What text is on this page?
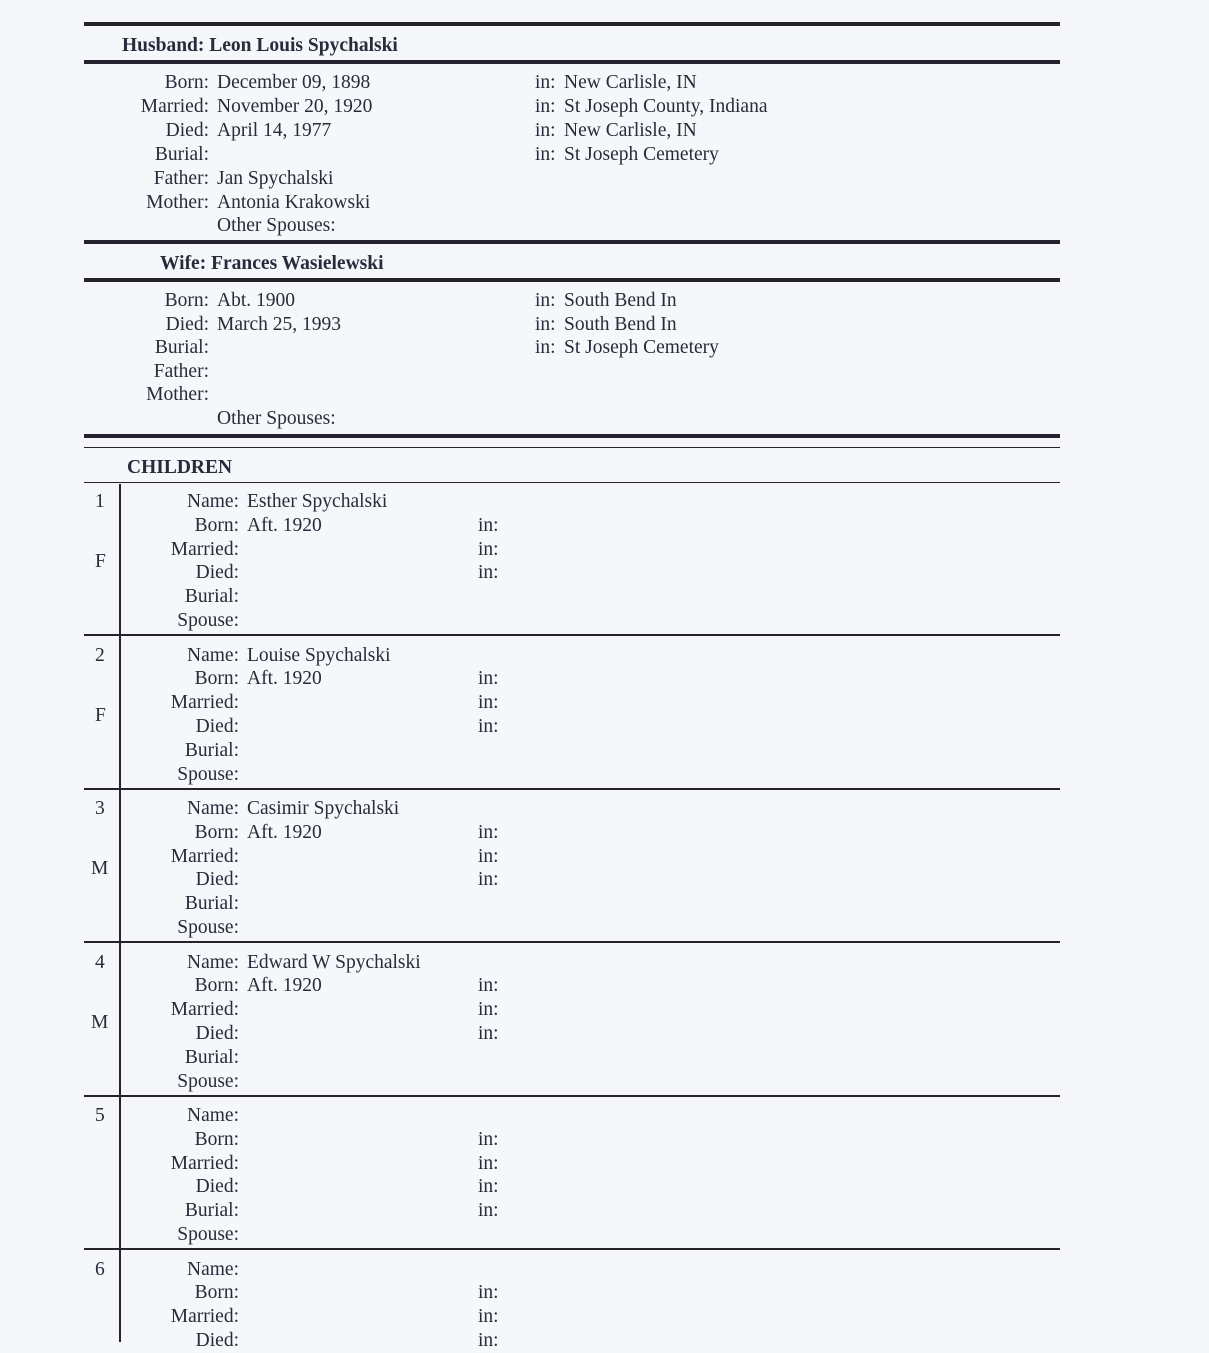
Husband: Leon Louis Spychalski
Born: December 09, 1898	in: New Carlisle, IN
Married: November 20, 1920	in: St Joseph County, Indiana
Died: April 14, 1977	in: New Carlisle, IN
Burial:	in: St Joseph Cemetery
Father: Jan Spychalski
Mother: Antonia Krakowski
Other Spouses:
Wife: Frances Wasielewski
Born: Abt. 1900	in: South Bend In
Died: March 25, 1993	in: South Bend In
Burial:	in: St Joseph Cemetery
Father:
Mother:
Other Spouses:
CHILDREN
1
F
Name: Esther Spychalski
Born: Aft. 1920	in:
Married:	in:
Died:	in:
Burial:
Spouse:
2
F
Name: Louise Spychalski
Born: Aft. 1920	in:
Married:	in:
Died:	in:
Burial:
Spouse:
3
M
Name: Casimir Spychalski
Born: Aft. 1920	in:
Married:	in:
Died:	in:
Burial:
Spouse:
4
M
Name: Edward W Spychalski
Born: Aft. 1920	in:
Married:	in:
Died:	in:
Burial:
Spouse:
5	Name:
Born:	in:
Married:	in:
Died:	in:
Burial:	in:
Spouse:
6	Name:
Born:	in:
Married:	in:
Died:	in:
